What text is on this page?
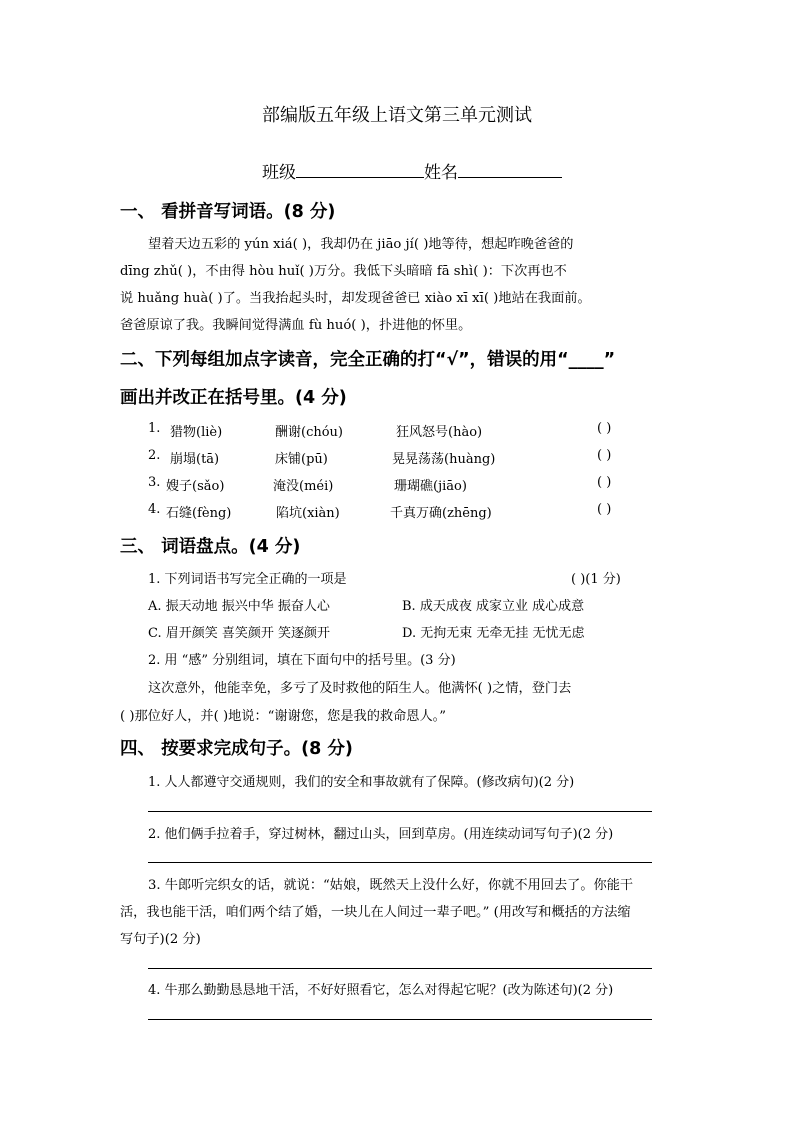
部编版五年级上语文第三单元测试
班级	姓名
一、 看拼音写词语。(8 分)
望着天边五彩的 yún xiá( )，我却仍在 jiāo jí( )地等待，想起昨晚爸爸的
dīng zhǔ( )，不由得 hòu huǐ( )万分。我低下头暗暗 fā shì( )：下次再也不
说 huǎng huà( )了。当我抬起头时，却发现爸爸已 xiào xī xī( )地站在我面前。
爸爸原谅了我。我瞬间觉得满血 fù huó( )，扑进他的怀里。
二、下列每组加点字读音，完全正确的打“√”，错误的用“____”
画出并改正在括号里。(4 分)
1. 猎物(liè)	酬谢(chóu)	狂风怒号(hào)	( )
2. 崩塌(tā)	床铺(pū)	晃晃荡荡(huàng)	( )
3. 嫂子(sǎo)	淹没(méi)	珊瑚礁(jiāo)	( )
4. 石缝(fèng)	陷坑(xiàn)	千真万确(zhēng)	( )
三、 词语盘点。(4 分)
1. 下列词语书写完全正确的一项是	( )(1 分)
A. 振天动地 振兴中华 振奋人心	B. 成天成夜 成家立业 成心成意
C. 眉开颜笑 喜笑颜开 笑逐颜开	D. 无拘无束 无牵无挂 无忧无虑
2. 用 “感” 分别组词，填在下面句中的括号里。(3 分)
这次意外，他能幸免，多亏了及时救他的陌生人。他满怀( )之情，登门去
( )那位好人，并( )地说：“谢谢您，您是我的救命恩人。”
四、 按要求完成句子。(8 分)
1. 人人都遵守交通规则，我们的安全和事故就有了保障。(修改病句)(2 分)
2. 他们俩手拉着手，穿过树林，翻过山头，回到草房。(用连续动词写句子)(2 分)
3. 牛郎听完织女的话，就说：“姑娘，既然天上没什么好，你就不用回去了。你能干
活，我也能干活，咱们两个结了婚，一块儿在人间过一辈子吧。” (用改写和概括的方法缩
写句子)(2 分)
4. 牛那么勤勤恳恳地干活，不好好照看它，怎么对得起它呢？(改为陈述句)(2 分)
